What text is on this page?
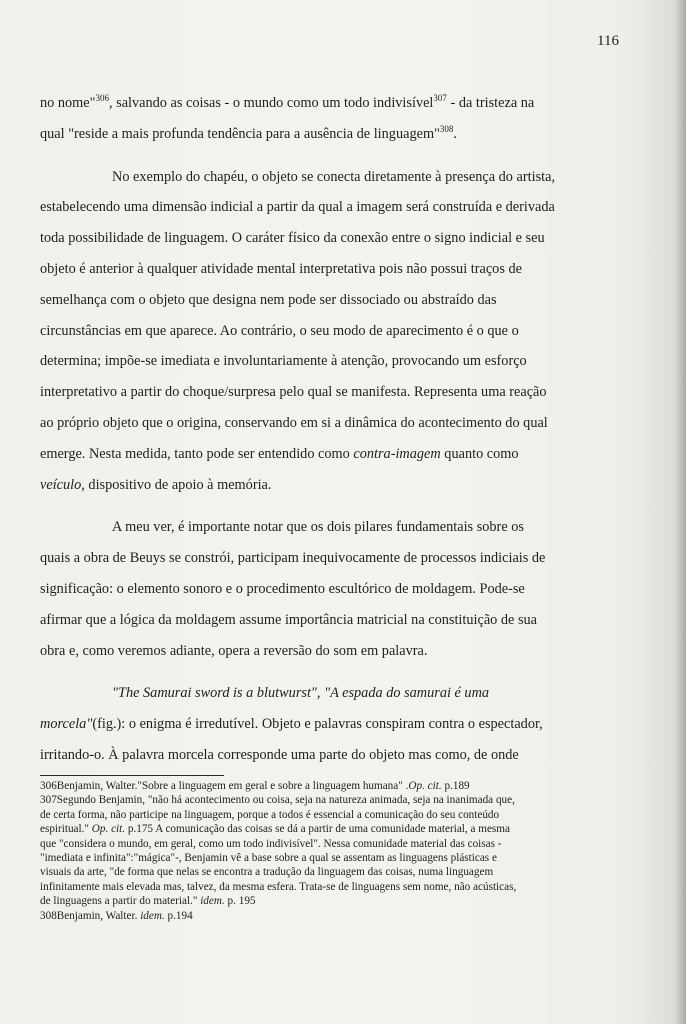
116
no nome"$^{306}$, salvando as coisas - o mundo como um todo indivisível$^{307}$ - da tristeza na
qual "reside a mais profunda tendência para a ausência de linguagem"$^{308}$.
No exemplo do chapéu, o objeto se conecta diretamente à presença do artista,
estabelecendo uma dimensão indicial a partir da qual a imagem será construída e derivada
toda possibilidade de linguagem. O caráter físico da conexão entre o signo indicial e seu
objeto é anterior à qualquer atividade mental interpretativa pois não possui traços de
semelhança com o objeto que designa nem pode ser dissociado ou abstraído das
circunstâncias em que aparece. Ao contrário, o seu modo de aparecimento é o que o
determina; impõe-se imediata e involuntariamente à atenção, provocando um esforço
interpretativo a partir do choque/surpresa pelo qual se manifesta. Representa uma reação
ao próprio objeto que o origina, conservando em si a dinâmica do acontecimento do qual
emerge. Nesta medida, tanto pode ser entendido como contra-imagem quanto como
veículo, dispositivo de apoio à memória.
A meu ver, é importante notar que os dois pilares fundamentais sobre os
quais a obra de Beuys se constrói, participam inequivocamente de processos indiciais de
significação: o elemento sonoro e o procedimento escultórico de moldagem. Pode-se
afirmar que a lógica da moldagem assume importância matricial na constituição de sua
obra e, como veremos adiante, opera a reversão do som em palavra.
"The Samurai sword is a blutwurst", "A espada do samurai é uma
morcela"(fig.): o enigma é irredutível. Objeto e palavras conspiram contra o espectador,
irritando-o. À palavra morcela corresponde uma parte do objeto mas como, de onde
306Benjamin, Walter."Sobre a linguagem em geral e sobre a linguagem humana" .Op. cit. p.189
307Segundo Benjamin, "não há acontecimento ou coisa, seja na natureza animada, seja na inanimada que,
de certa forma, não participe na linguagem, porque a todos é essencial a comunicação do seu conteúdo
espiritual." Op. cit. p.175 A comunicação das coisas se dá a partir de uma comunidade material, a mesma
que "considera o mundo, em geral, como um todo indivisível". Nessa comunidade material das coisas -
"imediata e infinita":"mágica"-, Benjamin vê a base sobre a qual se assentam as linguagens plásticas e
visuais da arte, "de forma que nelas se encontra a tradução da linguagem das coisas, numa linguagem
infinitamente mais elevada mas, talvez, da mesma esfera. Trata-se de linguagens sem nome, não acústicas,
de linguagens a partir do material." idem. p. 195
308Benjamin, Walter. idem. p.194
